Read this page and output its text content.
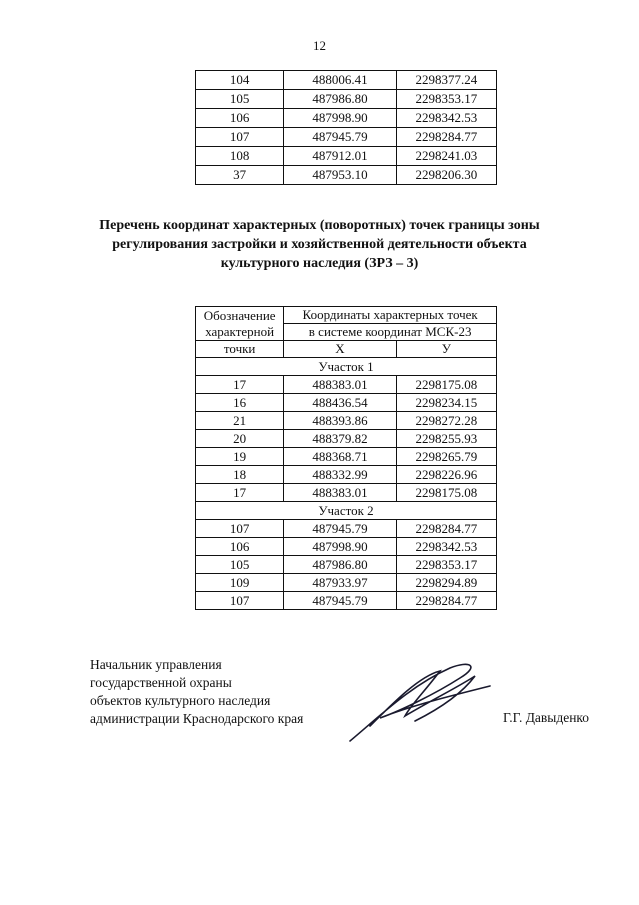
12
104	488006.41	2298377.24
105	487986.80	2298353.17
106	487998.90	2298342.53
107	487945.79	2298284.77
108	487912.01	2298241.03
37	487953.10	2298206.30
Перечень координат характерных (поворотных) точек границы зоны
регулирования застройки и хозяйственной деятельности объекта
культурного наследия (ЗРЗ – 3)
Обозначение
характерной	Координаты характерных точек	
	в системе координат МСК-23	
точки	X	У
Участок 1		
17	488383.01	2298175.08
16	488436.54	2298234.15
21	488393.86	2298272.28
20	488379.82	2298255.93
19	488368.71	2298265.79
18	488332.99	2298226.96
17	488383.01	2298175.08
Участок 2		
107	487945.79	2298284.77
106	487998.90	2298342.53
105	487986.80	2298353.17
109	487933.97	2298294.89
107	487945.79	2298284.77
Начальник управления
государственной охраны
объектов культурного наследия
администрации Краснодарского края	Г.Г. Давыденко
